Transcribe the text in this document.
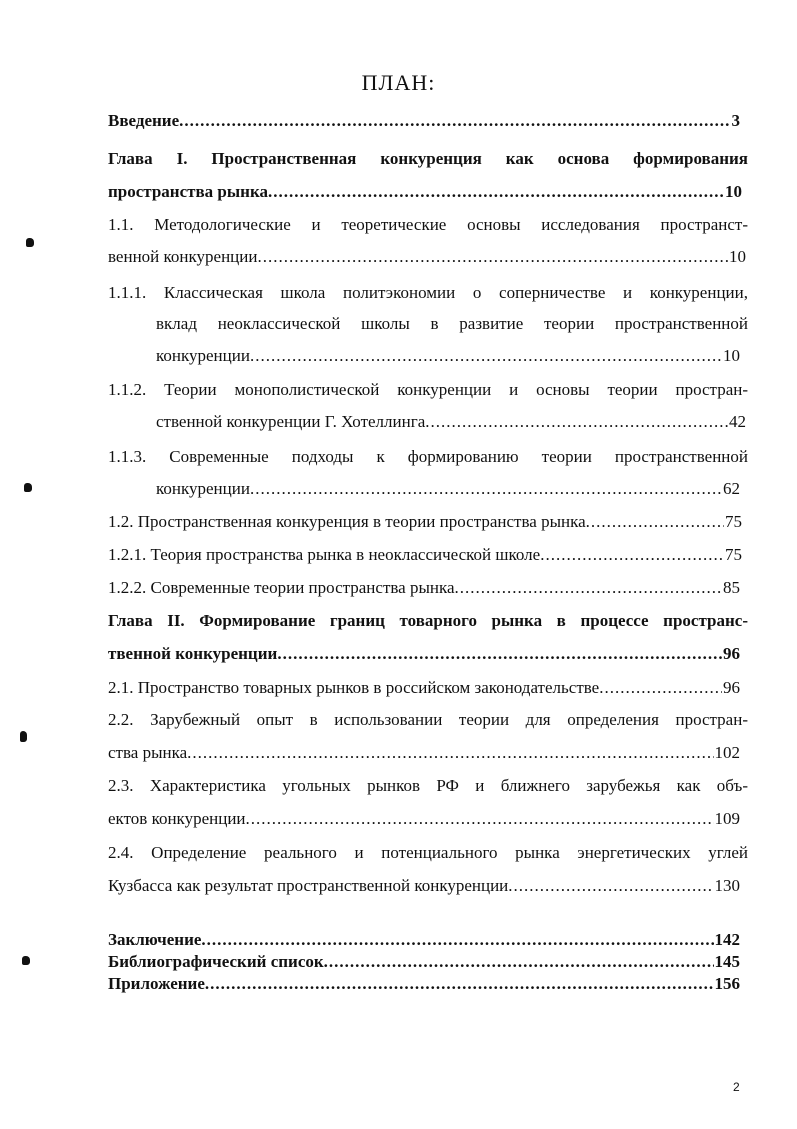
ПЛАН:
Введение .....	3
Глава I. Пространственная конкуренция как основа формирования
пространства рынка .....	10
1.1. Методологические и теоретические основы исследования пространст-
венной конкуренции .....	10
1.1.1. Классическая школа политэкономии о соперничестве и конкуренции,
вклад неоклассической школы в развитие теории пространственной
конкуренции .....	10
1.1.2. Теории монополистической конкуренции и основы теории простран-
ственной конкуренции Г. Хотеллинга .....	42
1.1.3. Современные подходы к формированию теории пространственной
конкуренции .....	62
1.2. Пространственная конкуренция в теории пространства рынка .....	75
1.2.1. Теория пространства рынка в неоклассической школе .....	75
1.2.2. Современные теории пространства рынка .....	85
Глава II. Формирование границ товарного рынка в процессе пространс-
твенной конкуренции .....	96
2.1. Пространство товарных рынков в российском законодательстве .....	96
2.2. Зарубежный опыт в использовании теории для определения простран-
ства рынка .....	102
2.3. Характеристика угольных рынков РФ и ближнего зарубежья как объ-
ектов конкуренции .....	109
2.4. Определение реального и потенциального рынка энергетических углей
Кузбасса как результат пространственной конкуренции .....	130
Заключение .....	142
Библиографический список .....	145
Приложение .....	156
2
